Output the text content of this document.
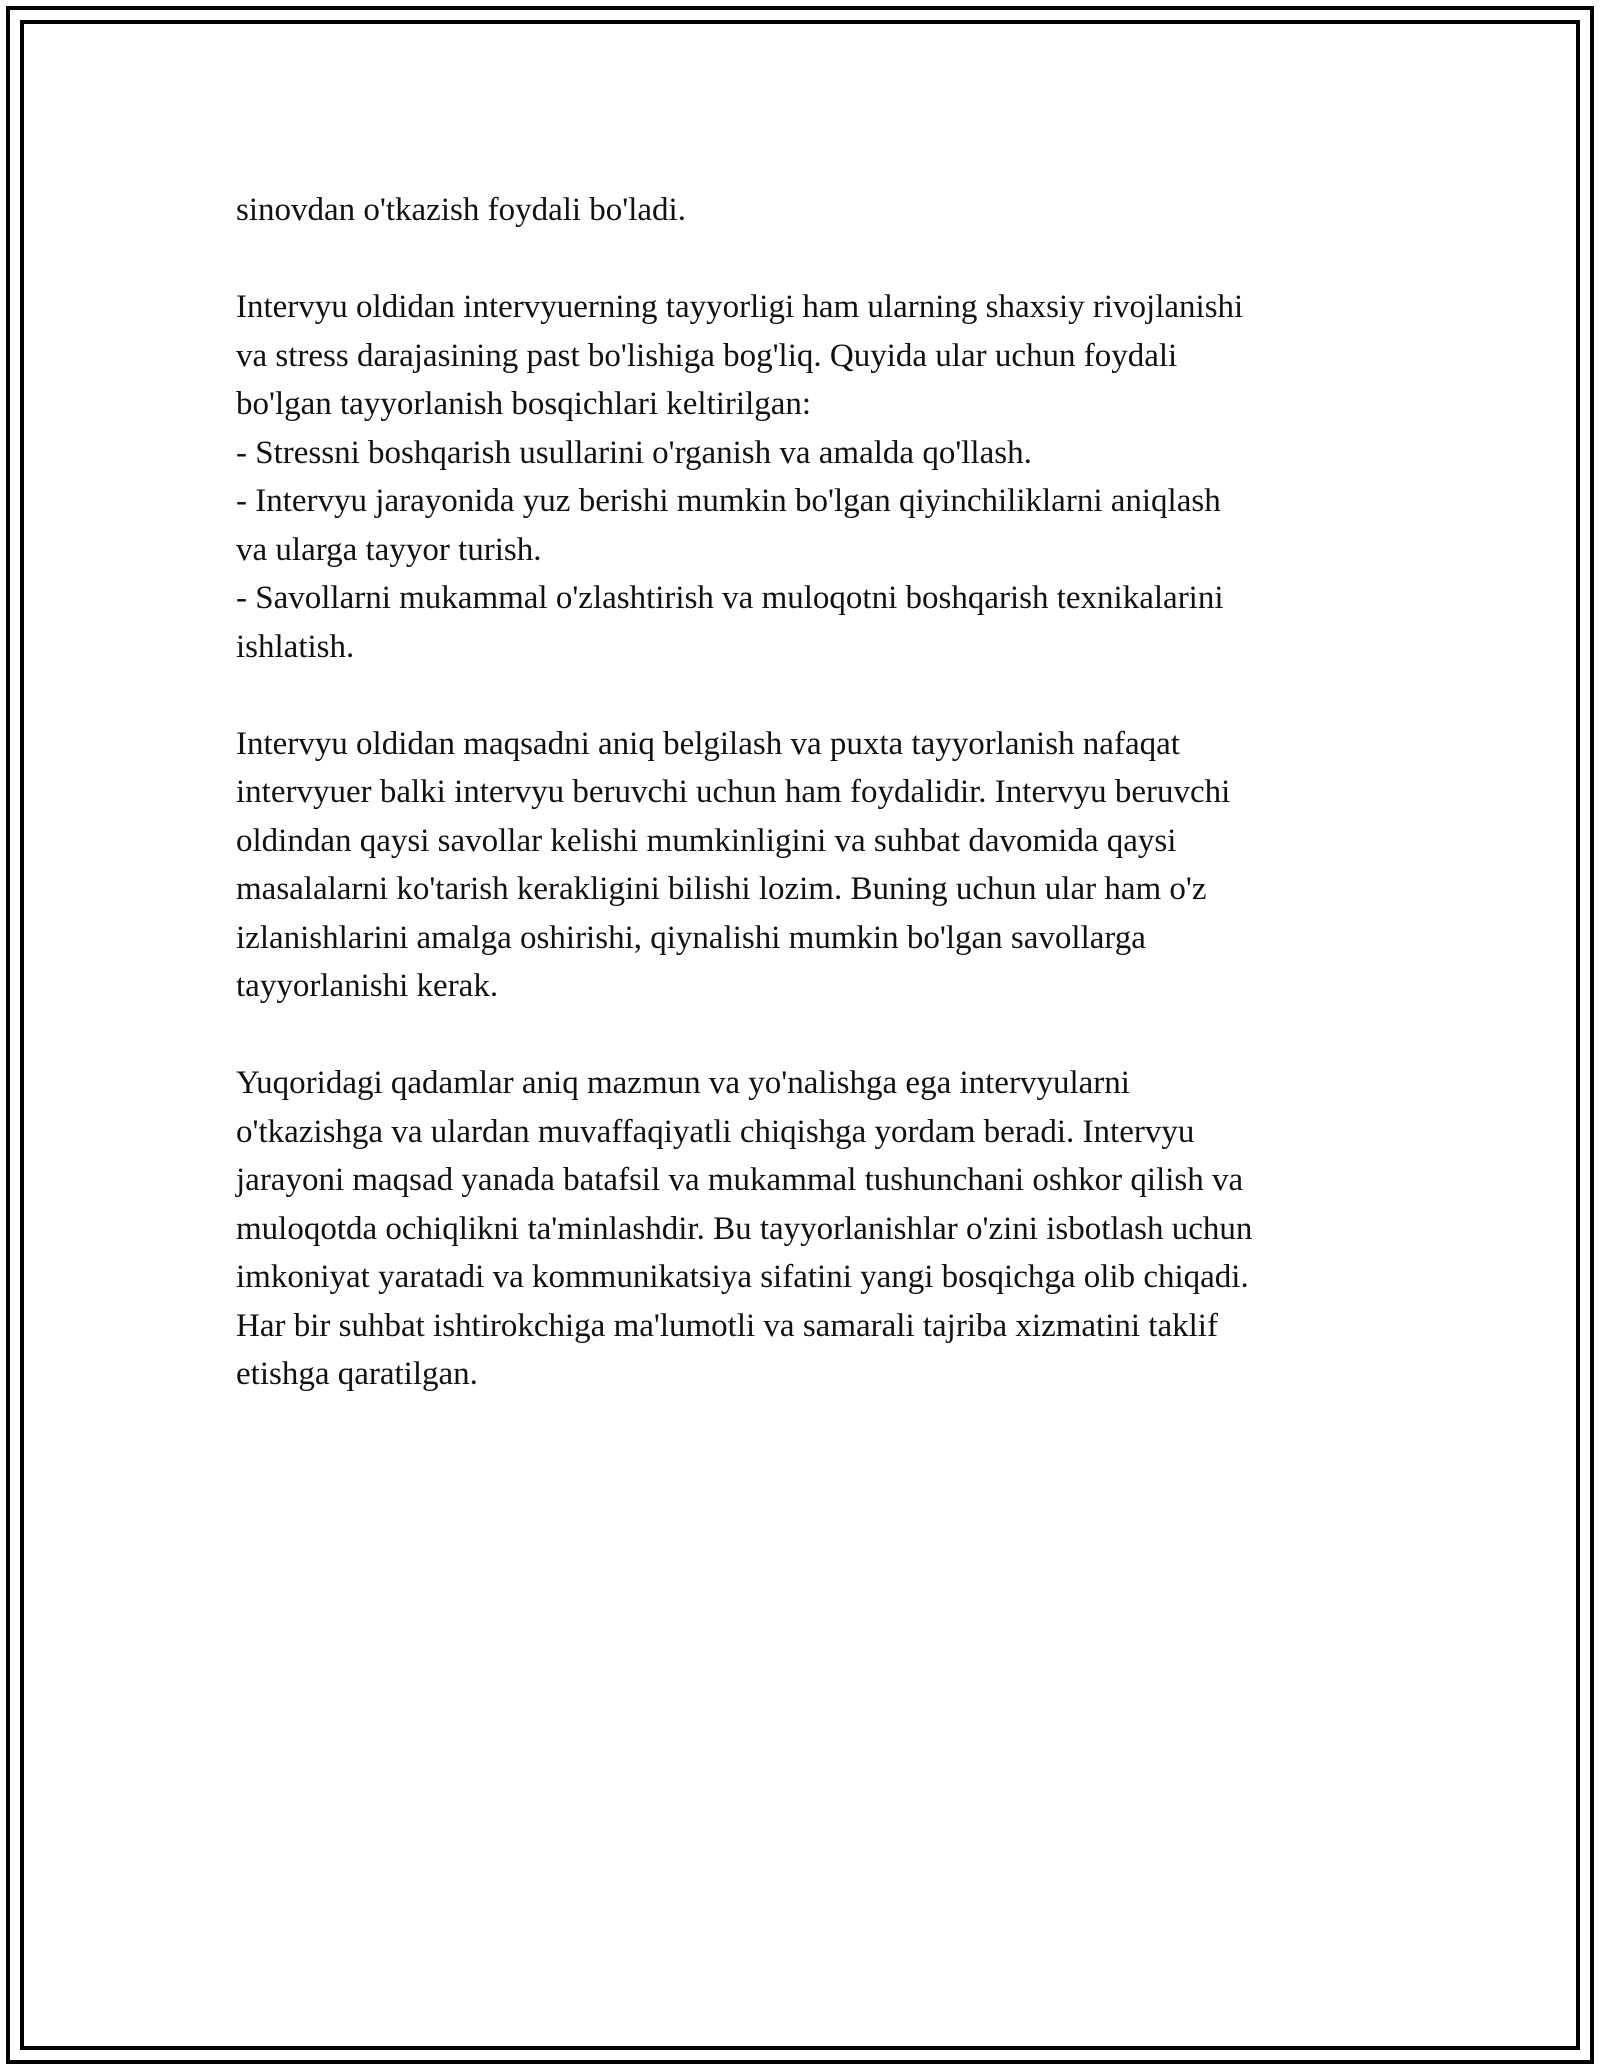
sinovdan o'tkazish foydali bo'ladi.

Intervyu oldidan intervyuerning tayyorligi ham ularning shaxsiy rivojlanishi
va stress darajasining past bo'lishiga bog'liq. Quyida ular uchun foydali
bo'lgan tayyorlanish bosqichlari keltirilgan:
- Stressni boshqarish usullarini o'rganish va amalda qo'llash.
- Intervyu jarayonida yuz berishi mumkin bo'lgan qiyinchiliklarni aniqlash
va ularga tayyor turish.
- Savollarni mukammal o'zlashtirish va muloqotni boshqarish texnikalarini
ishlatish.

Intervyu oldidan maqsadni aniq belgilash va puxta tayyorlanish nafaqat
intervyuer balki intervyu beruvchi uchun ham foydalidir. Intervyu beruvchi
oldindan qaysi savollar kelishi mumkinligini va suhbat davomida qaysi
masalalarni ko'tarish kerakligini bilishi lozim. Buning uchun ular ham o'z
izlanishlarini amalga oshirishi, qiynalishi mumkin bo'lgan savollarga
tayyorlanishi kerak.

Yuqoridagi qadamlar aniq mazmun va yo'nalishga ega intervyularni
o'tkazishga va ulardan muvaffaqiyatli chiqishga yordam beradi. Intervyu
jarayoni maqsad yanada batafsil va mukammal tushunchani oshkor qilish va
muloqotda ochiqlikni ta'minlashdir. Bu tayyorlanishlar o'zini isbotlash uchun
imkoniyat yaratadi va kommunikatsiya sifatini yangi bosqichga olib chiqadi.
Har bir suhbat ishtirokchiga ma'lumotli va samarali tajriba xizmatini taklif
etishga qaratilgan.
